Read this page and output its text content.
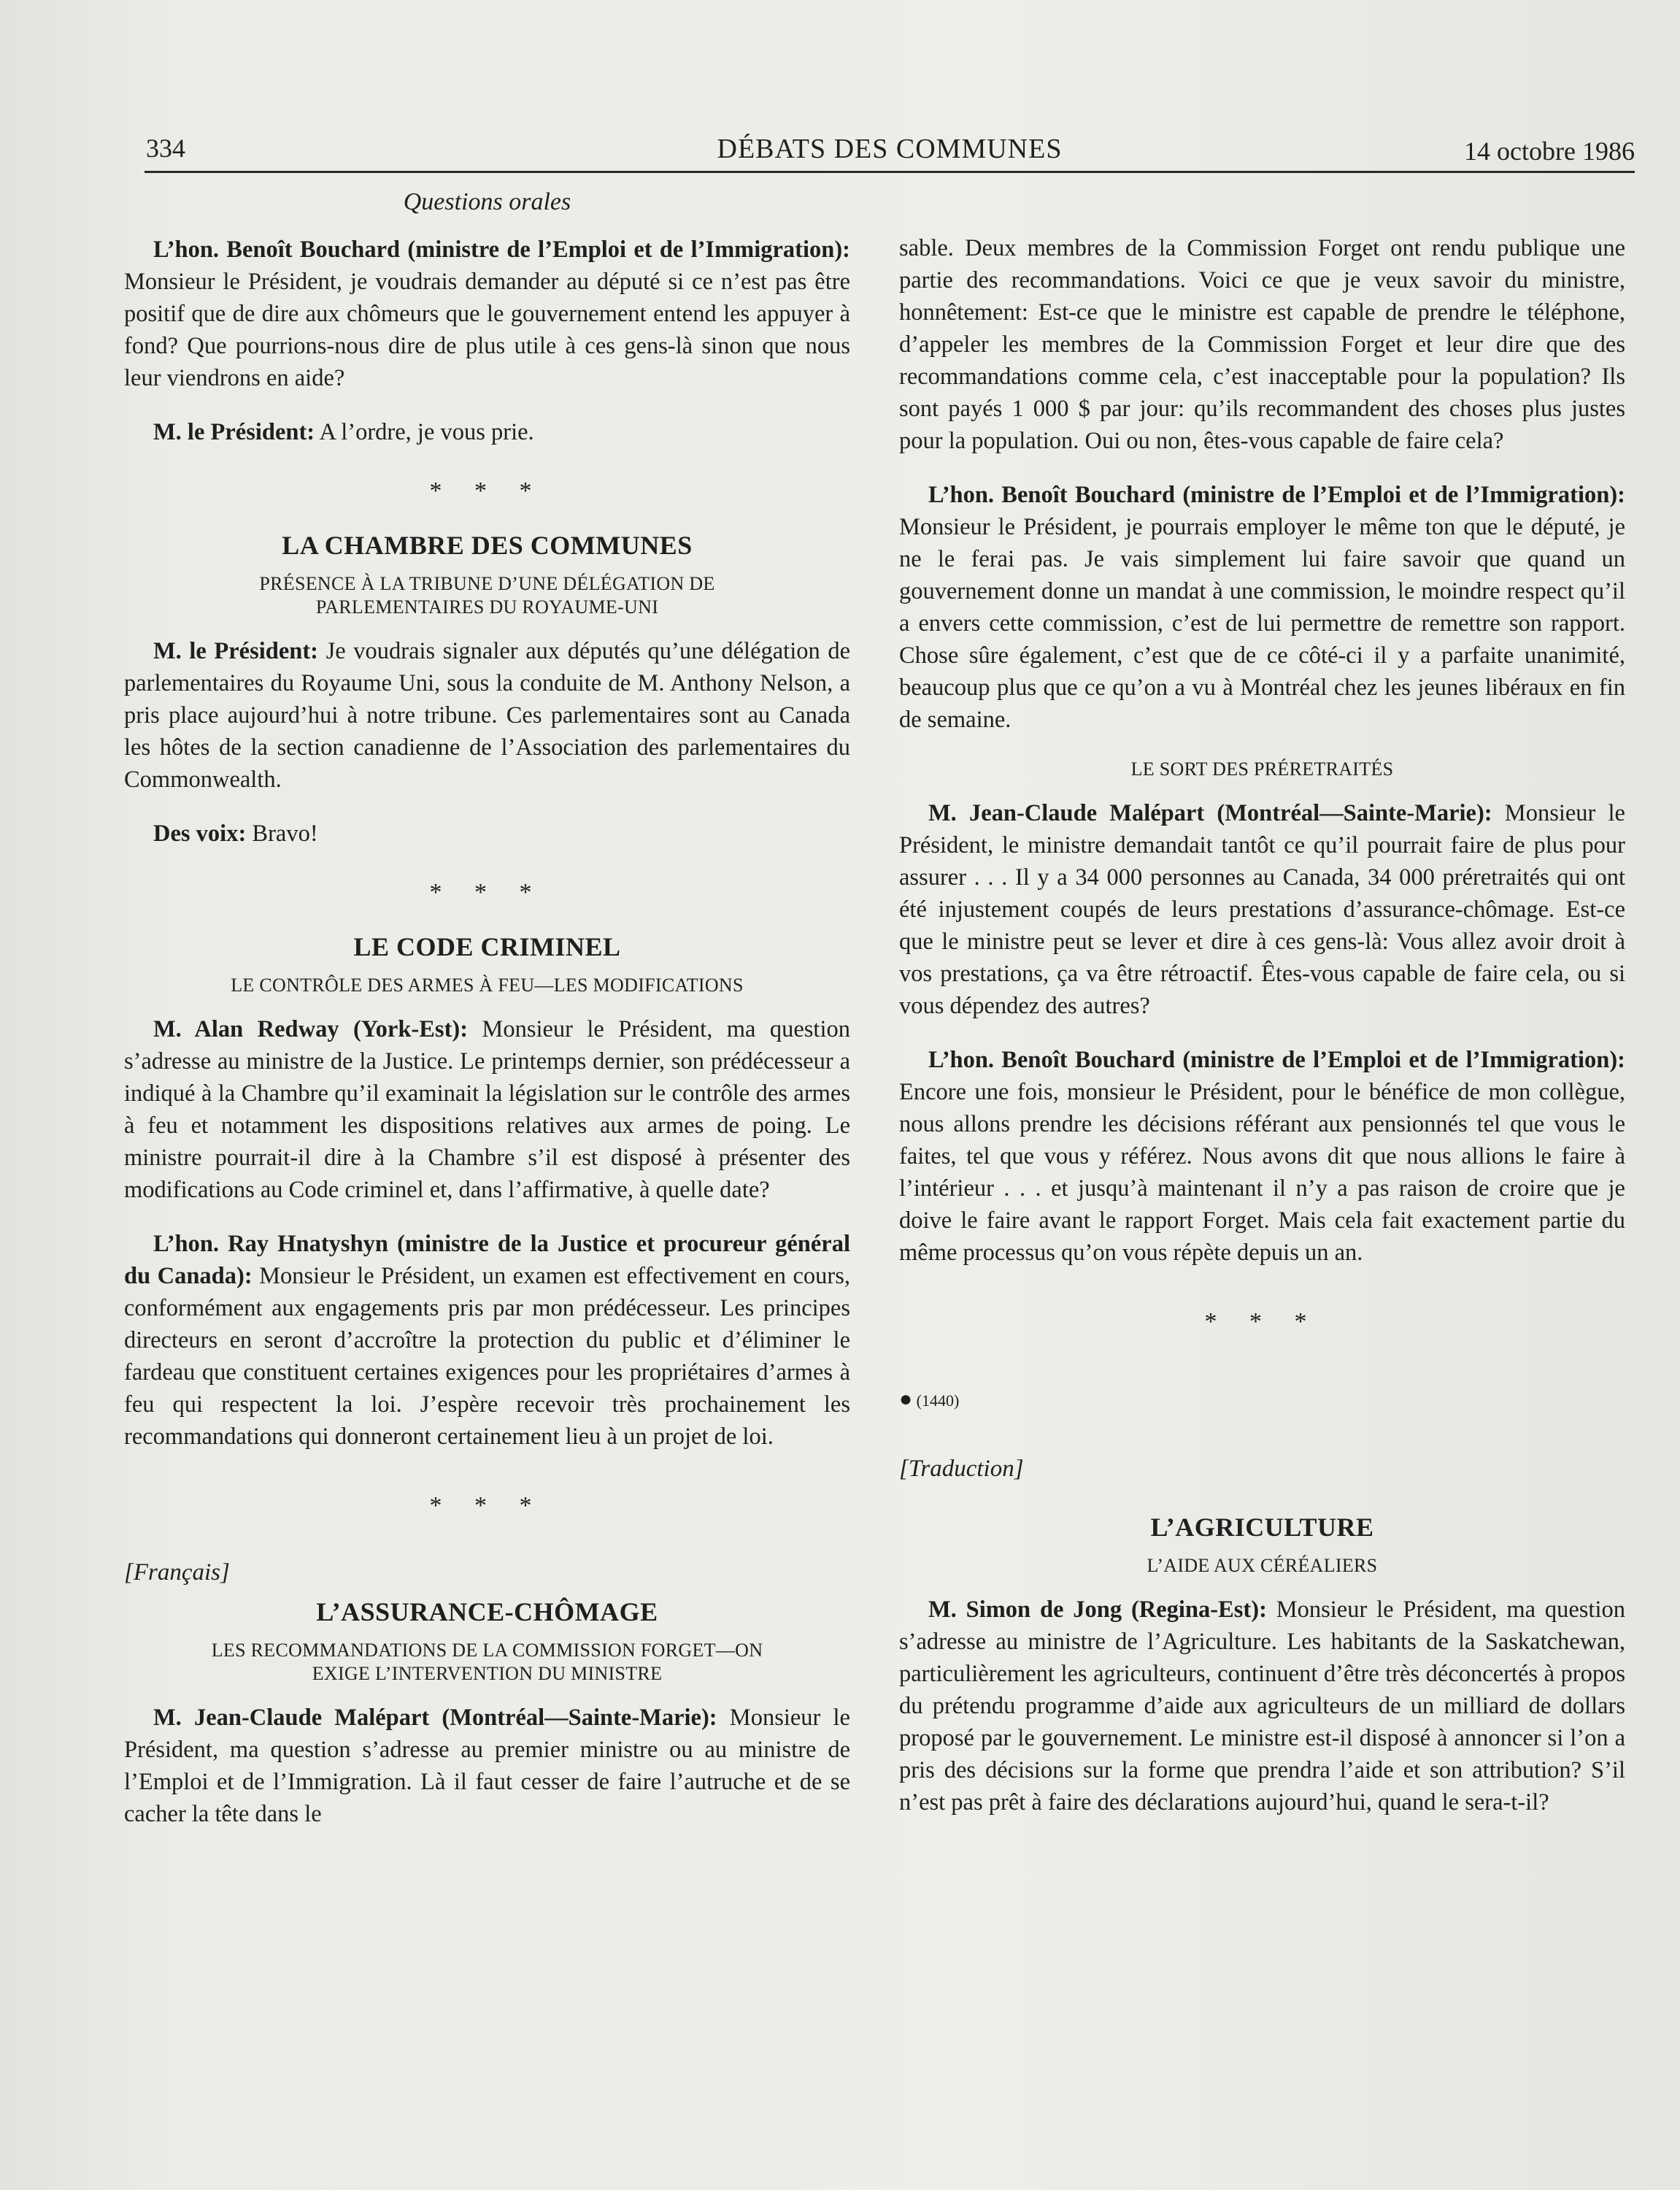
334	DÉBATS DES COMMUNES	14 octobre 1986
Questions orales

L’hon. Benoît Bouchard (ministre de l’Emploi et de l’Immigration): Monsieur le Président, je voudrais demander au député si ce n’est pas être positif que de dire aux chômeurs que le gouvernement entend les appuyer à fond? Que pourrions-nous dire de plus utile à ces gens-là sinon que nous leur viendrons en aide?

M. le Président: A l’ordre, je vous prie.

* * *
LA CHAMBRE DES COMMUNES
PRÉSENCE À LA TRIBUNE D’UNE DÉLÉGATION DE PARLEMENTAIRES DU ROYAUME-UNI

M. le Président: Je voudrais signaler aux députés qu’une délégation de parlementaires du Royaume Uni, sous la conduite de M. Anthony Nelson, a pris place aujourd’hui à notre tribune. Ces parlementaires sont au Canada les hôtes de la section canadienne de l’Association des parlementaires du Commonwealth.

Des voix: Bravo!

* * *
LE CODE CRIMINEL
LE CONTRÔLE DES ARMES À FEU—LES MODIFICATIONS

M. Alan Redway (York-Est): Monsieur le Président, ma question s’adresse au ministre de la Justice. Le printemps dernier, son prédécesseur a indiqué à la Chambre qu’il examinait la législation sur le contrôle des armes à feu et notamment les dispositions relatives aux armes de poing. Le ministre pourrait-il dire à la Chambre s’il est disposé à présenter des modifications au Code criminel et, dans l’affirmative, à quelle date?

L’hon. Ray Hnatyshyn (ministre de la Justice et procureur général du Canada): Monsieur le Président, un examen est effectivement en cours, conformément aux engagements pris par mon prédécesseur. Les principes directeurs en seront d’accroître la protection du public et d’éliminer le fardeau que constituent certaines exigences pour les propriétaires d’armes à feu qui respectent la loi. J’espère recevoir très prochainement les recommandations qui donneront certainement lieu à un projet de loi.

* * *
[Français]
L’ASSURANCE-CHÔMAGE
LES RECOMMANDATIONS DE LA COMMISSION FORGET—ON EXIGE L’INTERVENTION DU MINISTRE

M. Jean-Claude Malépart (Montréal—Sainte-Marie): Monsieur le Président, ma question s’adresse au premier ministre ou au ministre de l’Emploi et de l’Immigration. Là il faut cesser de faire l’autruche et de se cacher la tête dans le

sable. Deux membres de la Commission Forget ont rendu publique une partie des recommandations. Voici ce que je veux savoir du ministre, honnêtement: Est-ce que le ministre est capable de prendre le téléphone, d’appeler les membres de la Commission Forget et leur dire que des recommandations comme cela, c’est inacceptable pour la population? Ils sont payés 1 000 $ par jour: qu’ils recommandent des choses plus justes pour la population. Oui ou non, êtes-vous capable de faire cela?

L’hon. Benoît Bouchard (ministre de l’Emploi et de l’Immigration): Monsieur le Président, je pourrais employer le même ton que le député, je ne le ferai pas. Je vais simplement lui faire savoir que quand un gouvernement donne un mandat à une commission, le moindre respect qu’il a envers cette commission, c’est de lui permettre de remettre son rapport. Chose sûre également, c’est que de ce côté-ci il y a parfaite unanimité, beaucoup plus que ce qu’on a vu à Montréal chez les jeunes libéraux en fin de semaine.

LE SORT DES PRÉRETRAITÉS

M. Jean-Claude Malépart (Montréal—Sainte-Marie): Monsieur le Président, le ministre demandait tantôt ce qu’il pourrait faire de plus pour assurer . . . Il y a 34 000 personnes au Canada, 34 000 préretraités qui ont été injustement coupés de leurs prestations d’assurance-chômage. Est-ce que le ministre peut se lever et dire à ces gens-là: Vous allez avoir droit à vos prestations, ça va être rétroactif. Êtes-vous capable de faire cela, ou si vous dépendez des autres?

L’hon. Benoît Bouchard (ministre de l’Emploi et de l’Immigration): Encore une fois, monsieur le Président, pour le bénéfice de mon collègue, nous allons prendre les décisions référant aux pensionnés tel que vous le faites, tel que vous y référez. Nous avons dit que nous allions le faire à l’intérieur . . . et jusqu’à maintenant il n’y a pas raison de croire que je doive le faire avant le rapport Forget. Mais cela fait exactement partie du même processus qu’on vous répète depuis un an.

* * *
● (1440)
[Traduction]
L’AGRICULTURE
L’AIDE AUX CÉRÉALIERS

M. Simon de Jong (Regina-Est): Monsieur le Président, ma question s’adresse au ministre de l’Agriculture. Les habitants de la Saskatchewan, particulièrement les agriculteurs, continuent d’être très déconcertés à propos du prétendu programme d’aide aux agriculteurs de un milliard de dollars proposé par le gouvernement. Le ministre est-il disposé à annoncer si l’on a pris des décisions sur la forme que prendra l’aide et son attribution? S’il n’est pas prêt à faire des déclarations aujourd’hui, quand le sera-t-il?
